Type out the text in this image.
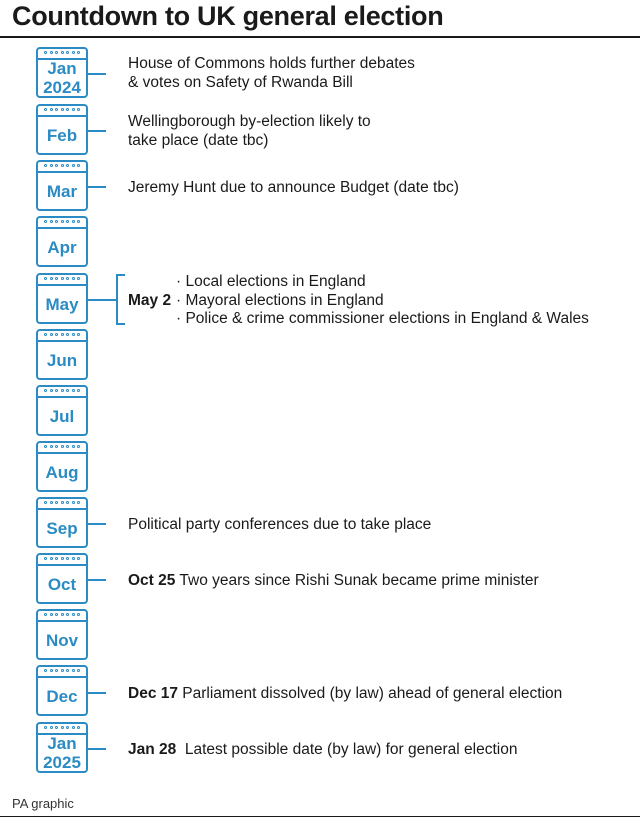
Countdown to UK general election
Jan
2024
Feb
Mar
Apr
May
Jun
Jul
Aug
Sep
Oct
Nov
Dec
Jan
2025
House of Commons holds further debates
& votes on Safety of Rwanda Bill
Wellingborough by-election likely to
take place (date tbc)
Jeremy Hunt due to announce Budget (date tbc)
May 2
· Local elections in England
· Mayoral elections in England
· Police & crime commissioner elections in England & Wales
Political party conferences due to take place
Oct 25 Two years since Rishi Sunak became prime minister
Dec 17 Parliament dissolved (by law) ahead of general election
Jan 28  Latest possible date (by law) for general election
PA graphic
